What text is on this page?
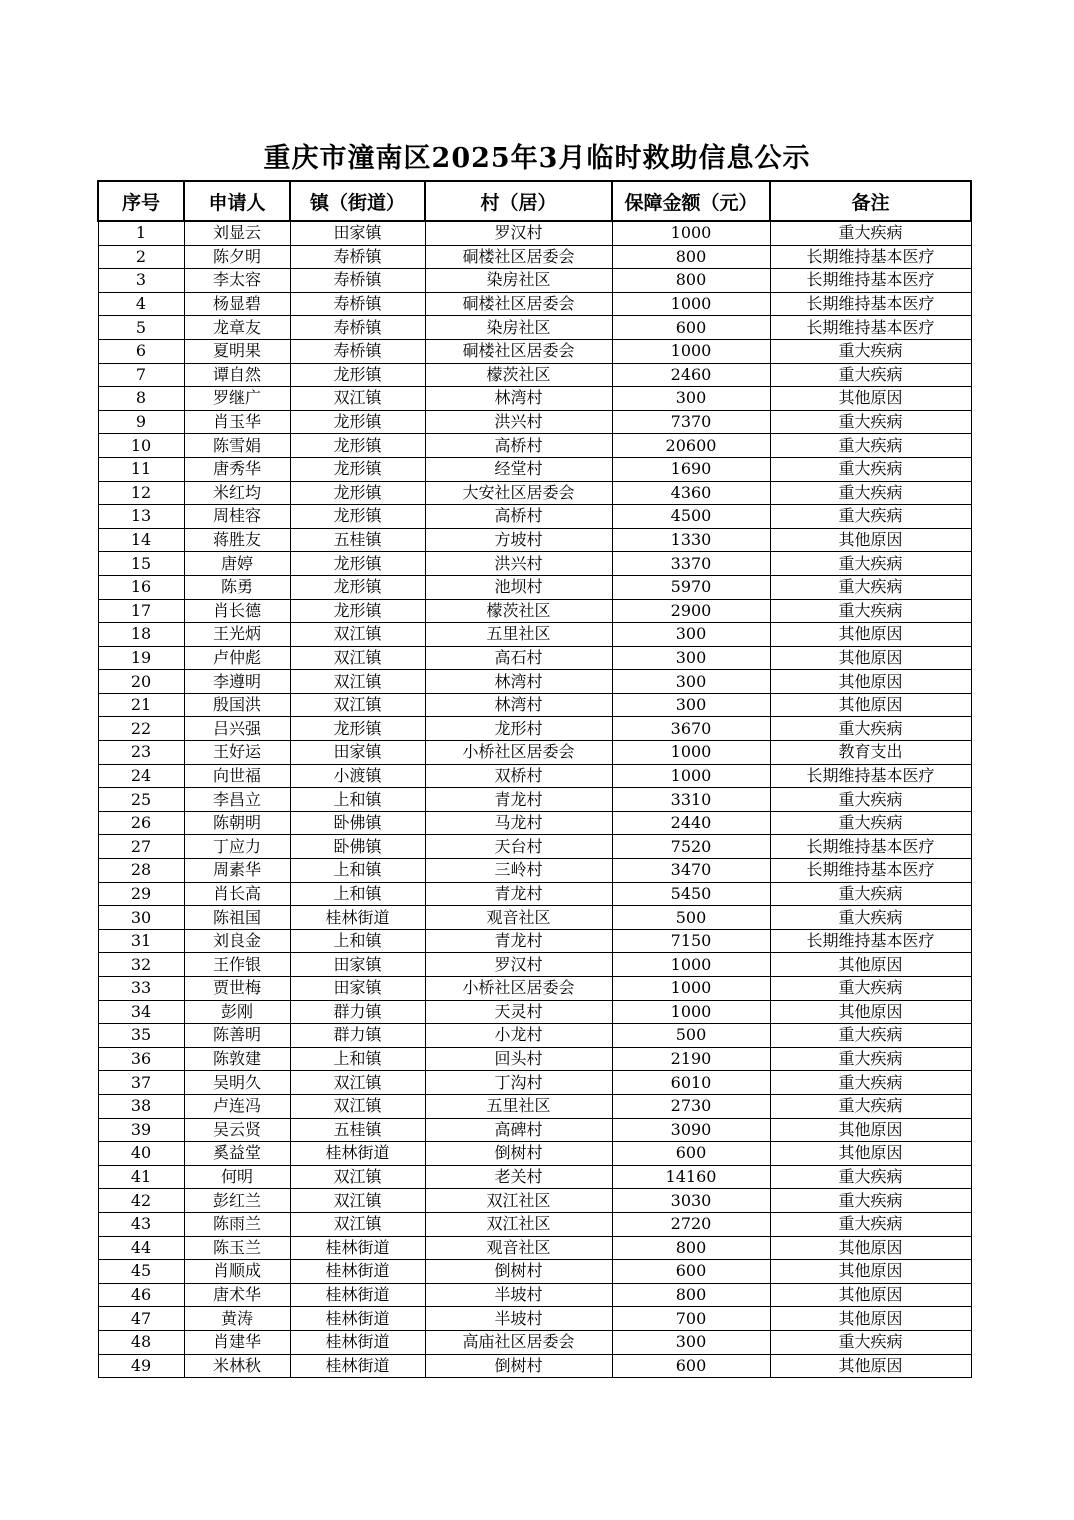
重庆市潼南区2025年3月临时救助信息公示
序号	申请人	镇（街道）	村（居）	保障金额（元）	备注
1	刘显云	田家镇	罗汉村	1000	重大疾病
2	陈夕明	寿桥镇	硐楼社区居委会	800	长期维持基本医疗
3	李太容	寿桥镇	染房社区	800	长期维持基本医疗
4	杨显碧	寿桥镇	硐楼社区居委会	1000	长期维持基本医疗
5	龙章友	寿桥镇	染房社区	600	长期维持基本医疗
6	夏明果	寿桥镇	硐楼社区居委会	1000	重大疾病
7	谭自然	龙形镇	檬茨社区	2460	重大疾病
8	罗继广	双江镇	林湾村	300	其他原因
9	肖玉华	龙形镇	洪兴村	7370	重大疾病
10	陈雪娟	龙形镇	高桥村	20600	重大疾病
11	唐秀华	龙形镇	经堂村	1690	重大疾病
12	米红均	龙形镇	大安社区居委会	4360	重大疾病
13	周桂容	龙形镇	高桥村	4500	重大疾病
14	蒋胜友	五桂镇	方坡村	1330	其他原因
15	唐婷	龙形镇	洪兴村	3370	重大疾病
16	陈勇	龙形镇	池坝村	5970	重大疾病
17	肖长德	龙形镇	檬茨社区	2900	重大疾病
18	王光炳	双江镇	五里社区	300	其他原因
19	卢仲彪	双江镇	高石村	300	其他原因
20	李遵明	双江镇	林湾村	300	其他原因
21	殷国洪	双江镇	林湾村	300	其他原因
22	吕兴强	龙形镇	龙形村	3670	重大疾病
23	王好运	田家镇	小桥社区居委会	1000	教育支出
24	向世福	小渡镇	双桥村	1000	长期维持基本医疗
25	李昌立	上和镇	青龙村	3310	重大疾病
26	陈朝明	卧佛镇	马龙村	2440	重大疾病
27	丁应力	卧佛镇	天台村	7520	长期维持基本医疗
28	周素华	上和镇	三岭村	3470	长期维持基本医疗
29	肖长高	上和镇	青龙村	5450	重大疾病
30	陈祖国	桂林街道	观音社区	500	重大疾病
31	刘良金	上和镇	青龙村	7150	长期维持基本医疗
32	王作银	田家镇	罗汉村	1000	其他原因
33	贾世梅	田家镇	小桥社区居委会	1000	重大疾病
34	彭刚	群力镇	天灵村	1000	其他原因
35	陈善明	群力镇	小龙村	500	重大疾病
36	陈敦建	上和镇	回头村	2190	重大疾病
37	吴明久	双江镇	丁沟村	6010	重大疾病
38	卢连冯	双江镇	五里社区	2730	重大疾病
39	吴云贤	五桂镇	高碑村	3090	其他原因
40	奚益堂	桂林街道	倒树村	600	其他原因
41	何明	双江镇	老关村	14160	重大疾病
42	彭红兰	双江镇	双江社区	3030	重大疾病
43	陈雨兰	双江镇	双江社区	2720	重大疾病
44	陈玉兰	桂林街道	观音社区	800	其他原因
45	肖顺成	桂林街道	倒树村	600	其他原因
46	唐术华	桂林街道	半坡村	800	其他原因
47	黄涛	桂林街道	半坡村	700	其他原因
48	肖建华	桂林街道	高庙社区居委会	300	重大疾病
49	米林秋	桂林街道	倒树村	600	其他原因
